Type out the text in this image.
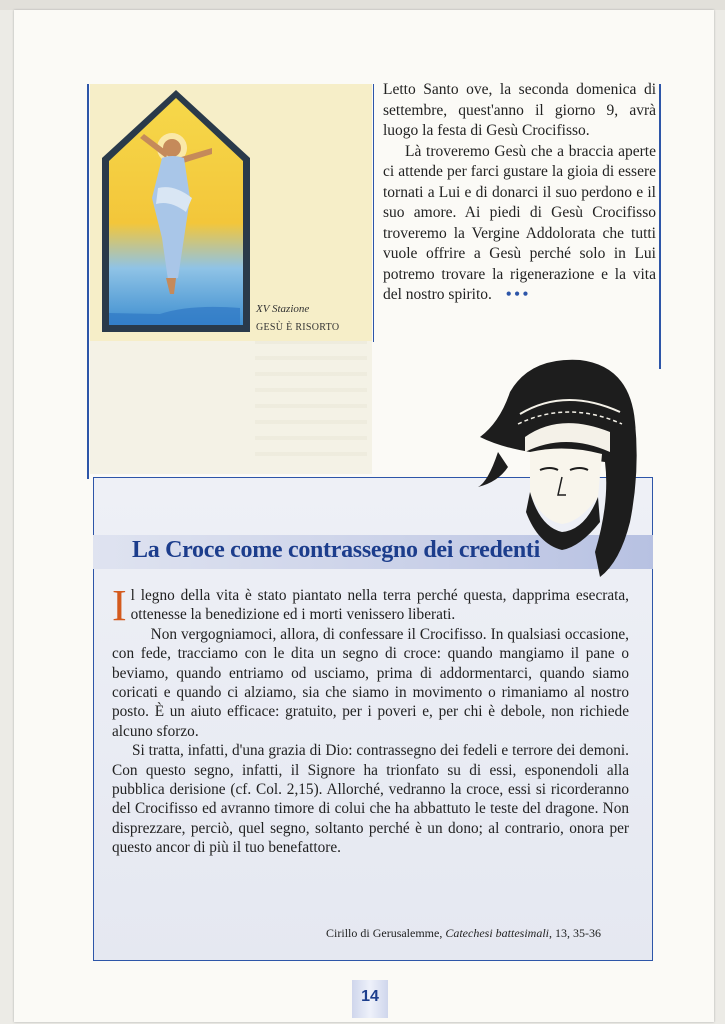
XV Stazione
GESÙ È RISORTO

Letto Santo ove, la seconda domenica di settembre, quest'anno il giorno 9, avrà luogo la festa di Gesù Crocifisso.

Là troveremo Gesù che a braccia aperte ci attende per farci gustare la gioia di essere tornati a Lui e di donarci il suo perdono e il suo amore. Ai piedi di Gesù Crocifisso troveremo la Vergine Addolorata che tutti vuole offrire a Gesù perché solo in Lui potremo trovare la rigenerazione e la vita del nostro spirito. •••

La Croce come contrassegno dei credenti

Il legno della vita è stato piantato nella terra perché questa, dapprima esecrata, ottenesse la benedizione ed i morti venissero liberati.

Non vergogniamoci, allora, di confessare il Crocifisso. In qualsiasi occasione, con fede, tracciamo con le dita un segno di croce: quando mangiamo il pane o beviamo, quando entriamo od usciamo, prima di addormentarci, quando siamo coricati e quando ci alziamo, sia che siamo in movimento o rimaniamo al nostro posto. È un aiuto efficace: gratuito, per i poveri e, per chi è debole, non richiede alcuno sforzo.

Si tratta, infatti, d'una grazia di Dio: contrassegno dei fedeli e terrore dei demoni. Con questo segno, infatti, il Signore ha trionfato su di essi, esponendoli alla pubblica derisione (cf. Col. 2,15). Allorché, vedranno la croce, essi si ricorderanno del Crocifisso ed avranno timore di colui che ha abbattuto le teste del dragone. Non disprezzare, perciò, quel segno, soltanto perché è un dono; al contrario, onora per questo ancor di più il tuo benefattore.

Cirillo di Gerusalemme, Catechesi battesimali, 13, 35-36
14
